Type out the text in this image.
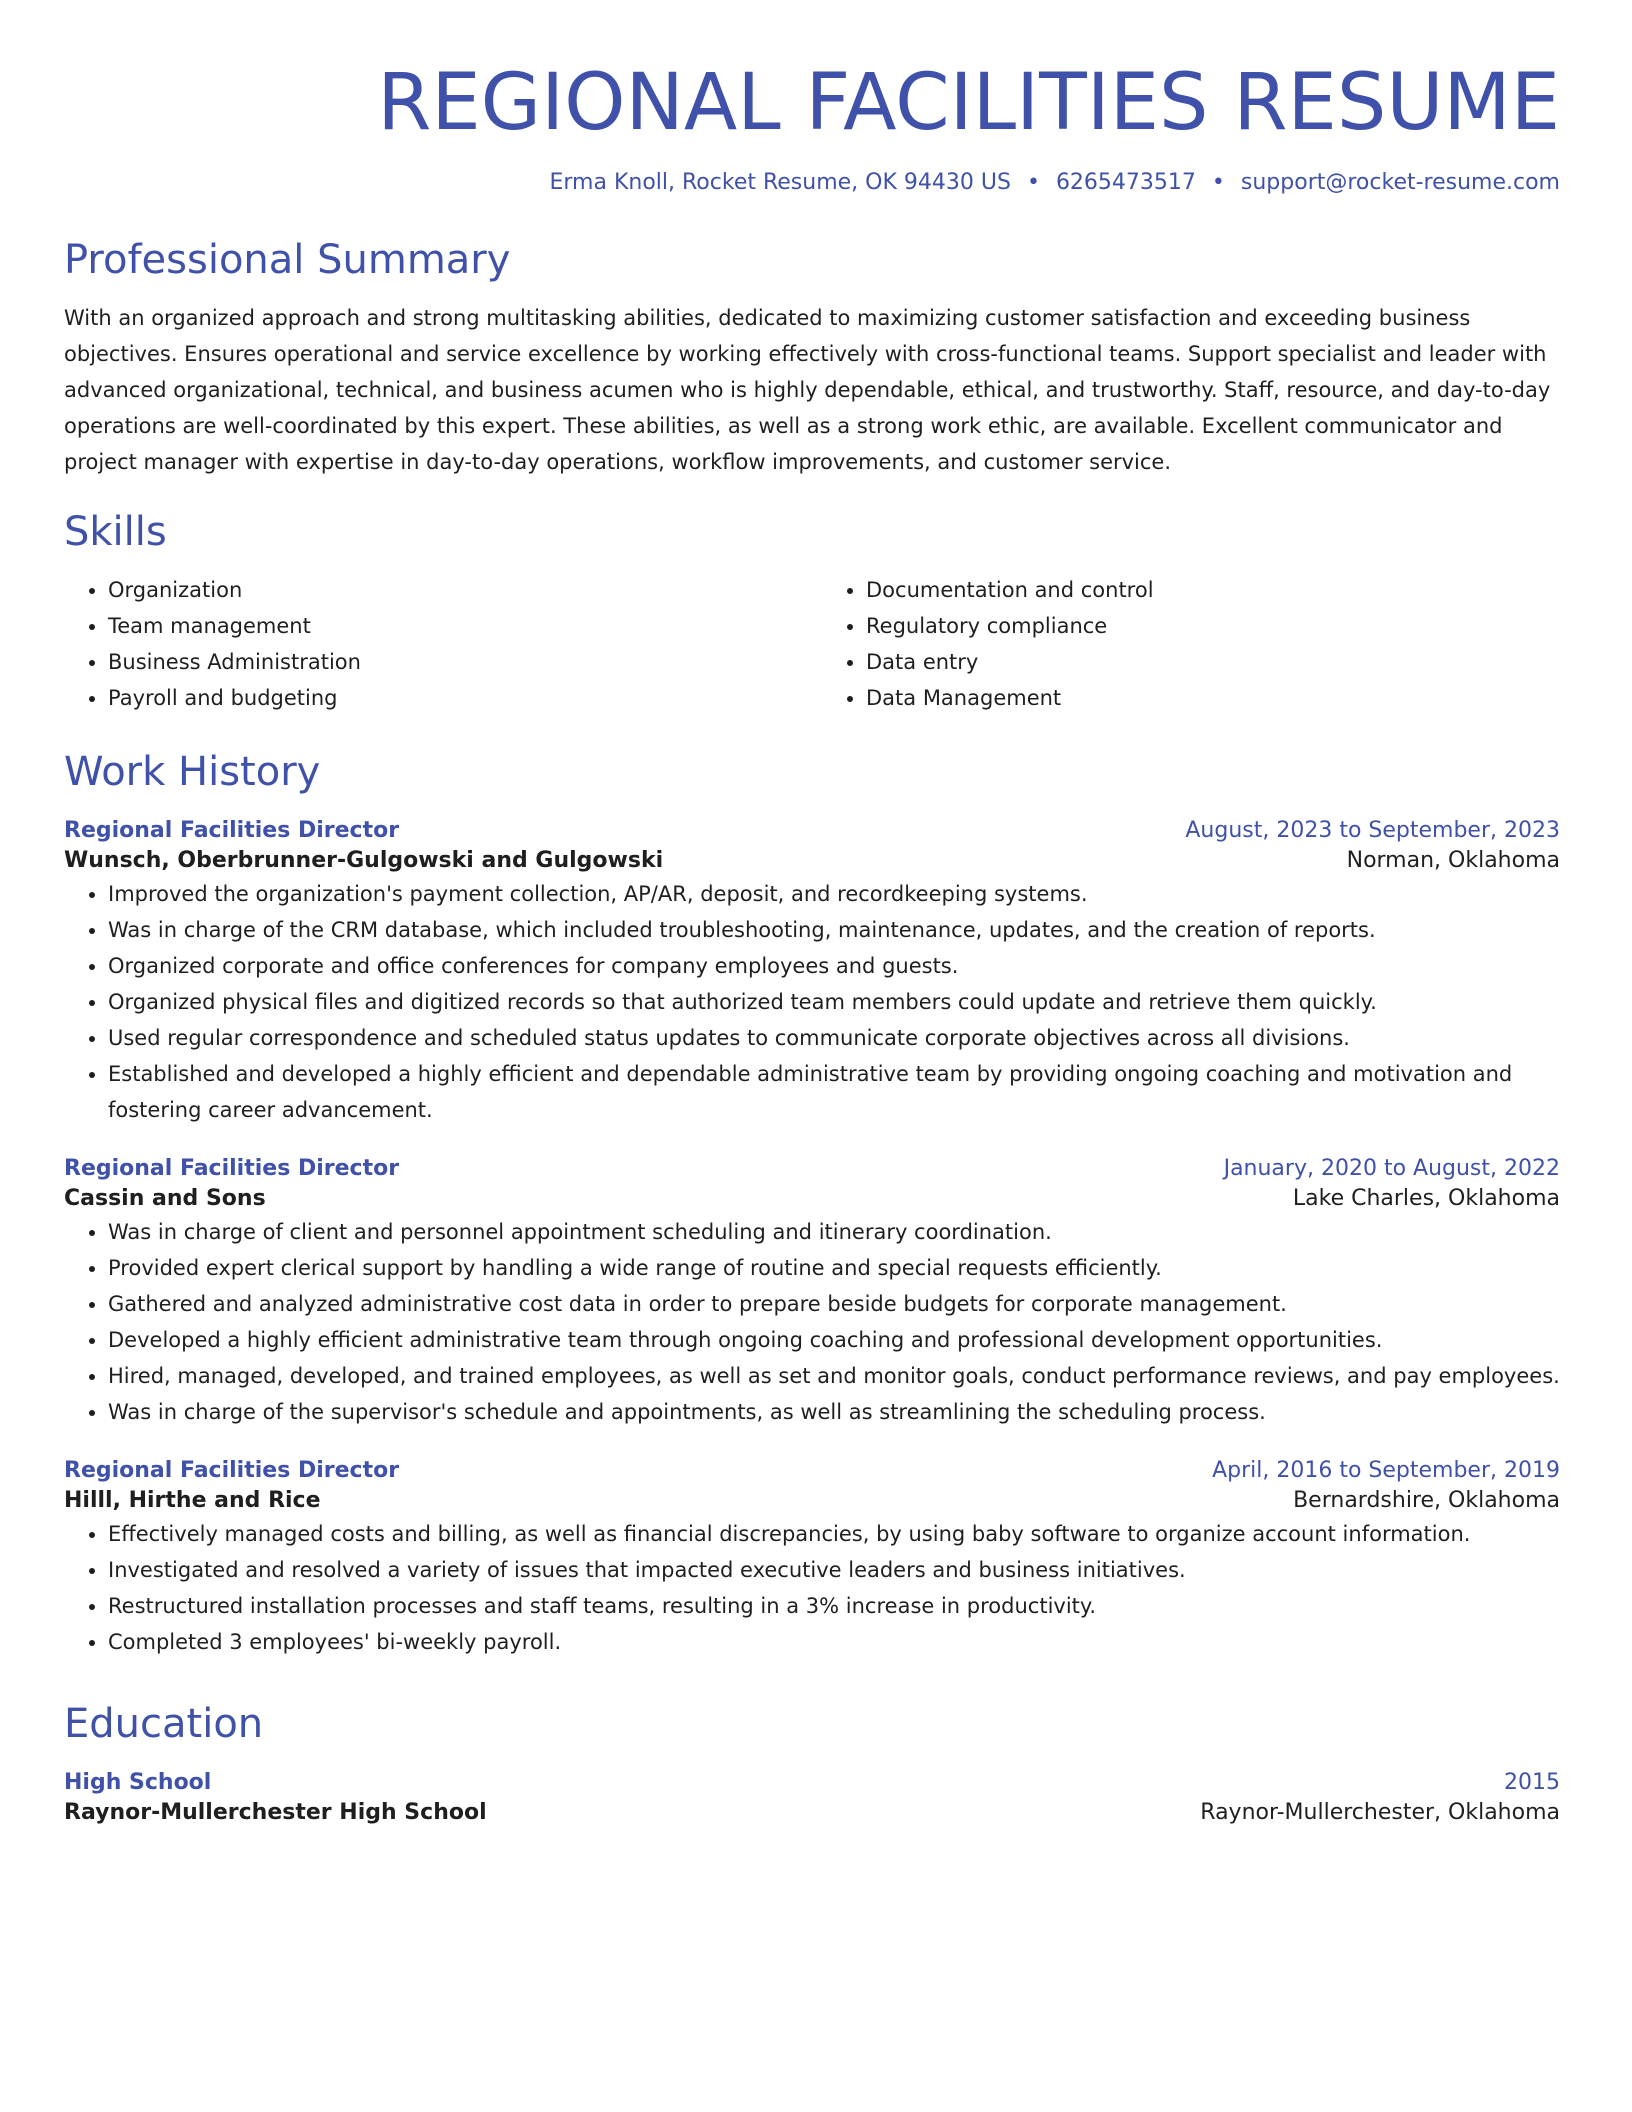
REGIONAL FACILITIES RESUME
Erma Knoll, Rocket Resume, OK 94430 US • 6265473517 • support@rocket-resume.com
Professional Summary
With an organized approach and strong multitasking abilities, dedicated to maximizing customer satisfaction and exceeding business objectives. Ensures operational and service excellence by working effectively with cross-functional teams. Support specialist and leader with advanced organizational, technical, and business acumen who is highly dependable, ethical, and trustworthy. Staff, resource, and day-to-day operations are well-coordinated by this expert. These abilities, as well as a strong work ethic, are available. Excellent communicator and project manager with expertise in day-to-day operations, workflow improvements, and customer service.
Skills
• Organization
• Team management
• Business Administration
• Payroll and budgeting
• Documentation and control
• Regulatory compliance
• Data entry
• Data Management
Work History
Regional Facilities Director	August, 2023 to September, 2023
Wunsch, Oberbrunner-Gulgowski and Gulgowski	Norman, Oklahoma
• Improved the organization's payment collection, AP/AR, deposit, and recordkeeping systems.
• Was in charge of the CRM database, which included troubleshooting, maintenance, updates, and the creation of reports.
• Organized corporate and office conferences for company employees and guests.
• Organized physical files and digitized records so that authorized team members could update and retrieve them quickly.
• Used regular correspondence and scheduled status updates to communicate corporate objectives across all divisions.
• Established and developed a highly efficient and dependable administrative team by providing ongoing coaching and motivation and fostering career advancement.
Regional Facilities Director	January, 2020 to August, 2022
Cassin and Sons	Lake Charles, Oklahoma
• Was in charge of client and personnel appointment scheduling and itinerary coordination.
• Provided expert clerical support by handling a wide range of routine and special requests efficiently.
• Gathered and analyzed administrative cost data in order to prepare beside budgets for corporate management.
• Developed a highly efficient administrative team through ongoing coaching and professional development opportunities.
• Hired, managed, developed, and trained employees, as well as set and monitor goals, conduct performance reviews, and pay employees.
• Was in charge of the supervisor's schedule and appointments, as well as streamlining the scheduling process.
Regional Facilities Director	April, 2016 to September, 2019
Hilll, Hirthe and Rice	Bernardshire, Oklahoma
• Effectively managed costs and billing, as well as financial discrepancies, by using baby software to organize account information.
• Investigated and resolved a variety of issues that impacted executive leaders and business initiatives.
• Restructured installation processes and staff teams, resulting in a 3% increase in productivity.
• Completed 3 employees' bi-weekly payroll.
Education
High School	2015
Raynor-Mullerchester High School	Raynor-Mullerchester, Oklahoma
